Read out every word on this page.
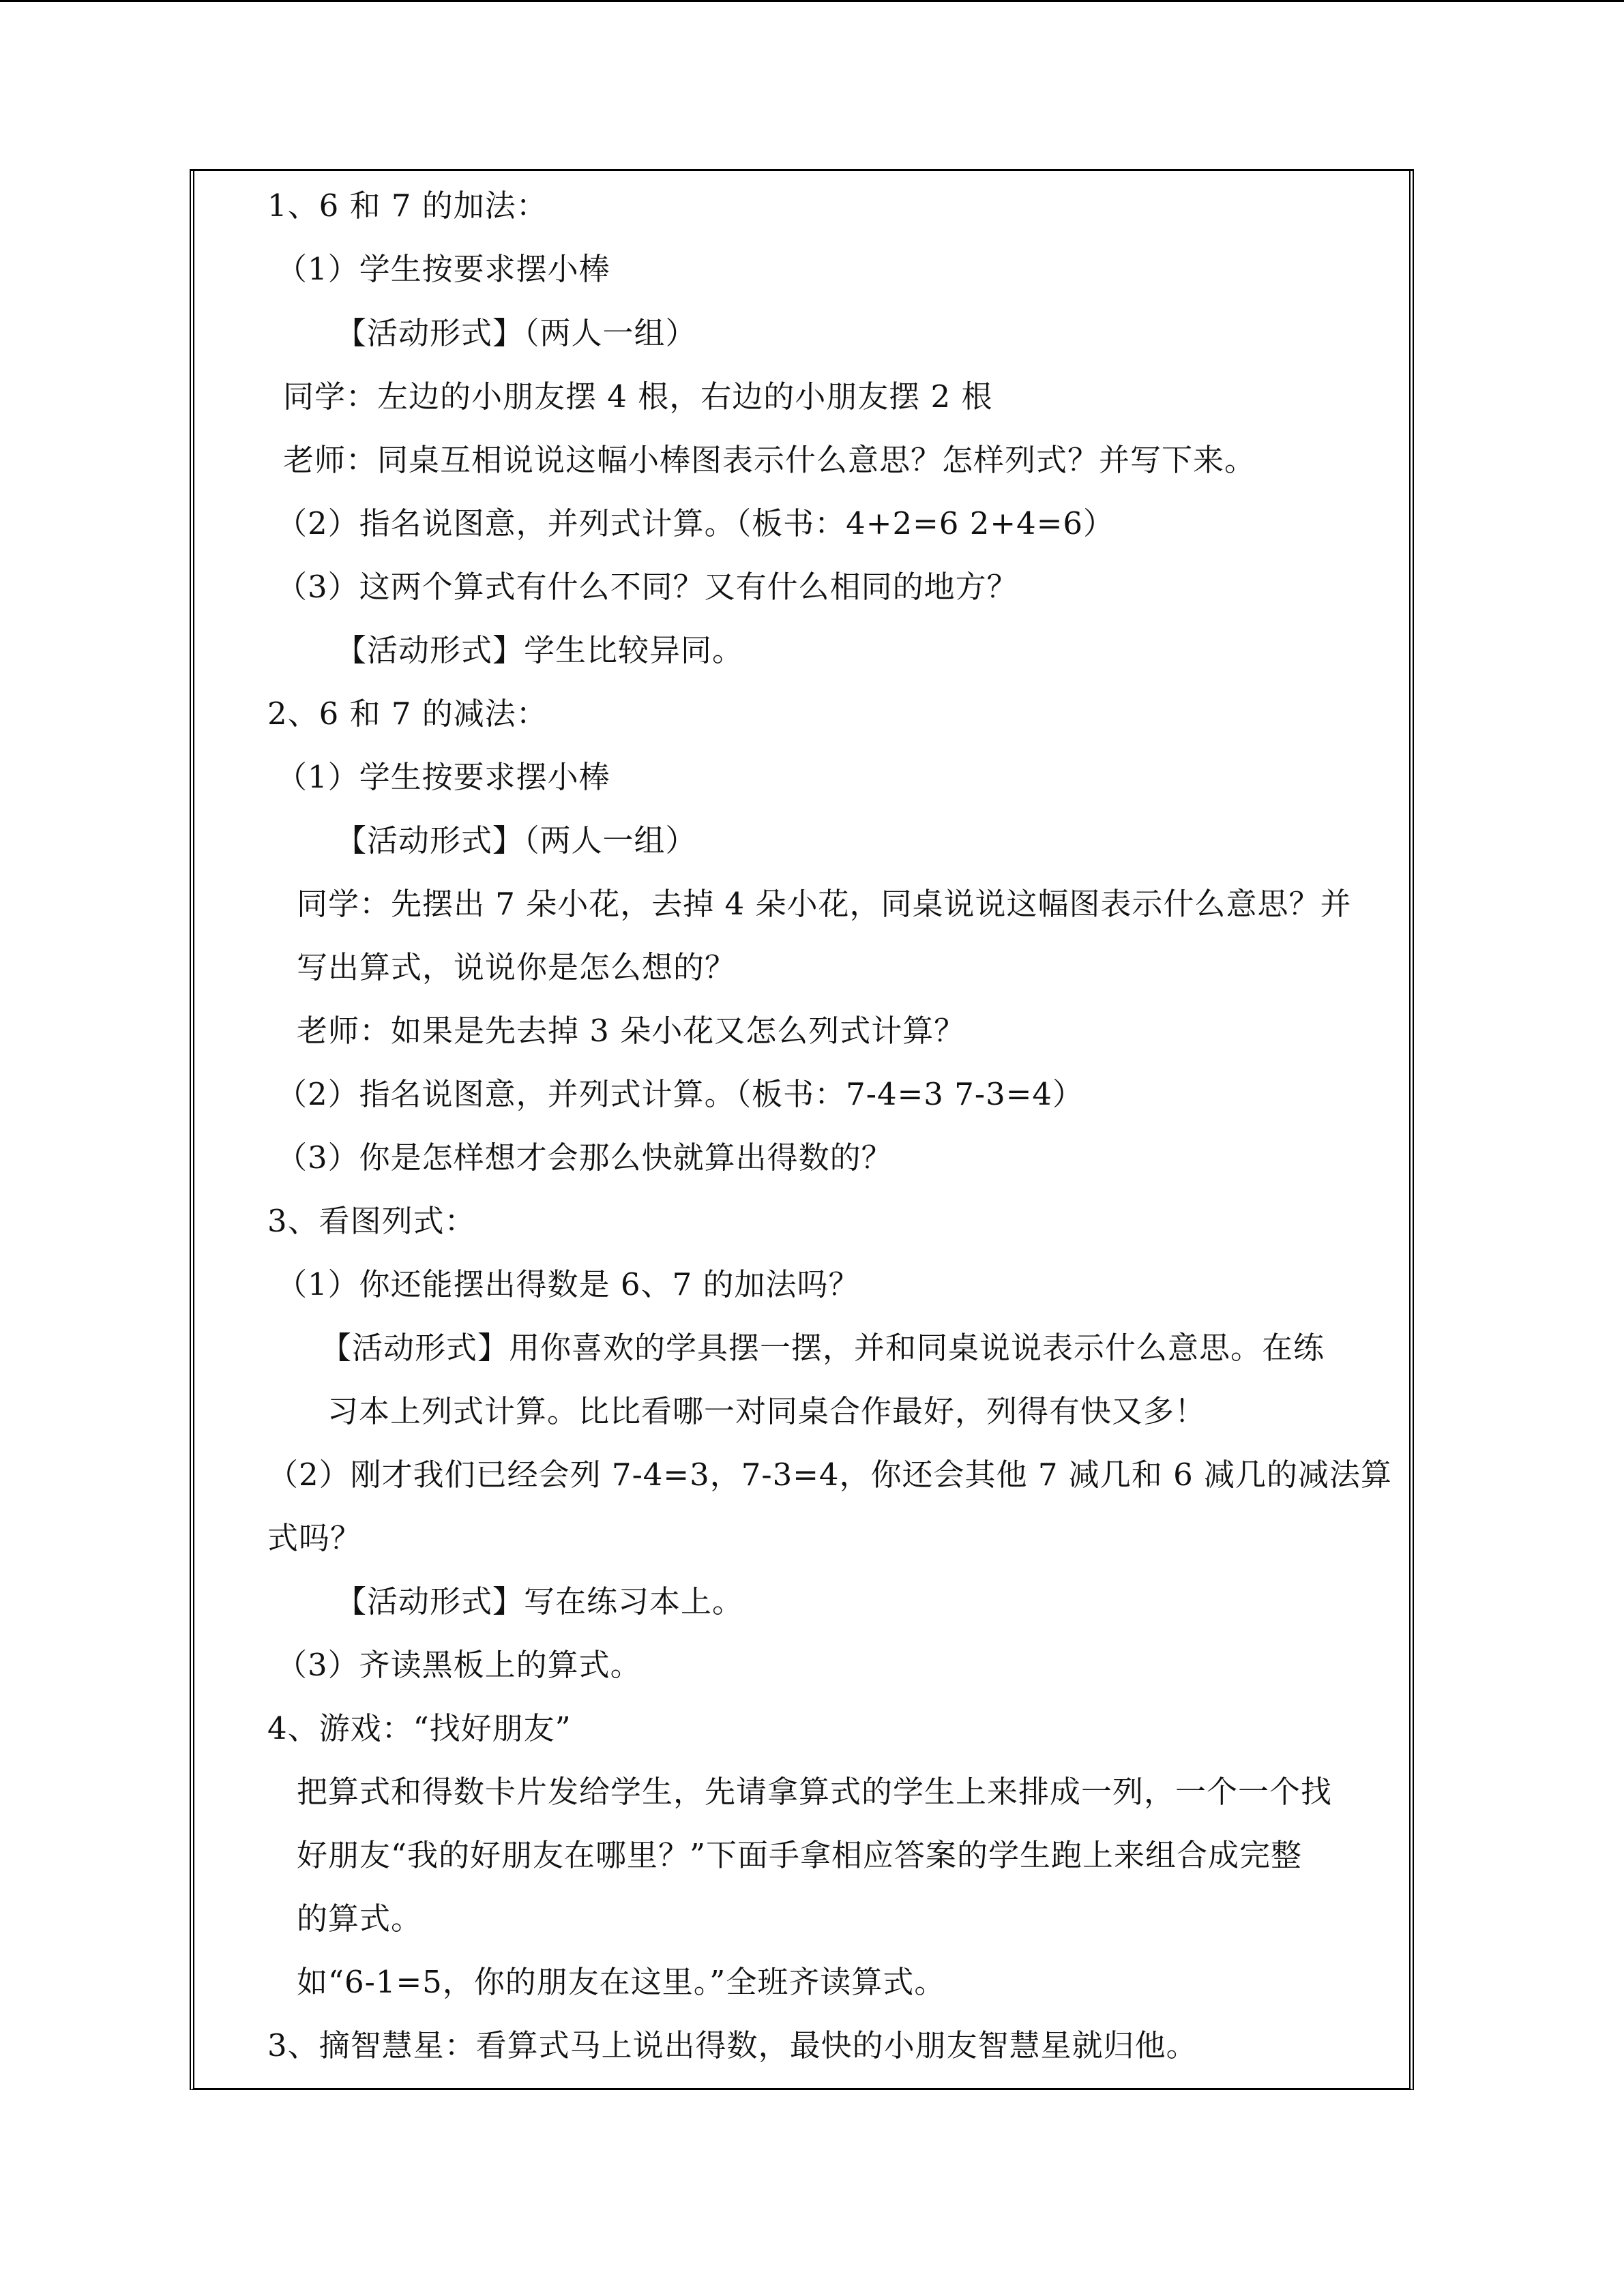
1、6 和 7 的加法：
（1）学生按要求摆小棒
【活动形式】（两人一组）
同学：左边的小朋友摆 4 根，右边的小朋友摆 2 根
老师：同桌互相说说这幅小棒图表示什么意思？怎样列式？并写下来。
（2）指名说图意，并列式计算。（板书：4+2=6 2+4=6）
（3）这两个算式有什么不同？又有什么相同的地方？
【活动形式】学生比较异同。
2、6 和 7 的减法：
（1）学生按要求摆小棒
【活动形式】（两人一组）
同学：先摆出 7 朵小花，去掉 4 朵小花，同桌说说这幅图表示什么意思？并
写出算式，说说你是怎么想的？
老师：如果是先去掉 3 朵小花又怎么列式计算？
（2）指名说图意，并列式计算。（板书：7-4=3 7-3=4）
（3）你是怎样想才会那么快就算出得数的？
3、看图列式：
（1）你还能摆出得数是 6、7 的加法吗？
【活动形式】用你喜欢的学具摆一摆，并和同桌说说表示什么意思。在练
习本上列式计算。比比看哪一对同桌合作最好，列得有快又多！
（2）刚才我们已经会列 7-4=3，7-3=4，你还会其他 7 减几和 6 减几的减法算
式吗？
【活动形式】写在练习本上。
（3）齐读黑板上的算式。
4、游戏：“找好朋友”
把算式和得数卡片发给学生，先请拿算式的学生上来排成一列，一个一个找
好朋友“我的好朋友在哪里？”下面手拿相应答案的学生跑上来组合成完整
的算式。
如“6-1=5，你的朋友在这里。”全班齐读算式。
3、摘智慧星：看算式马上说出得数，最快的小朋友智慧星就归他。
